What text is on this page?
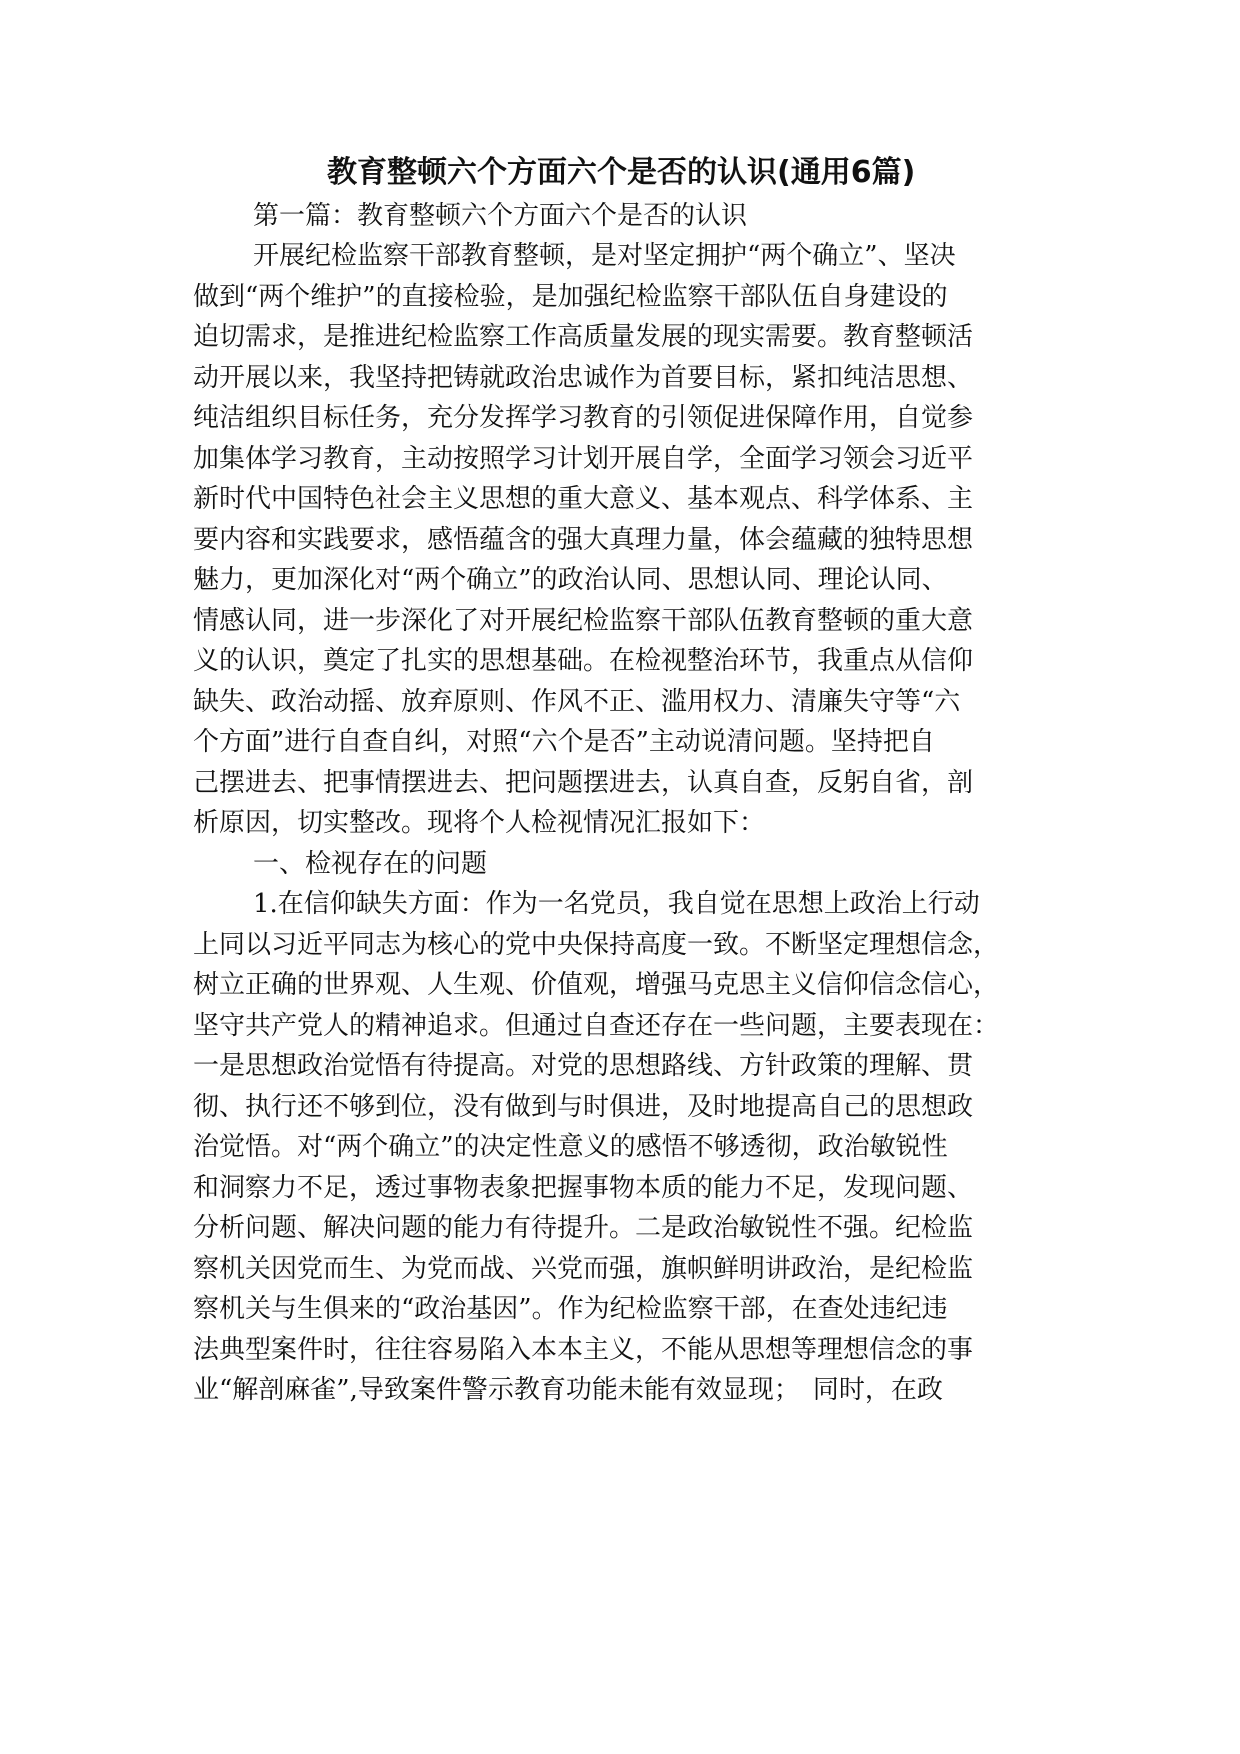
教育整顿六个方面六个是否的认识(通用6篇)

第一篇：教育整顿六个方面六个是否的认识

开展纪检监察干部教育整顿，是对坚定拥护“两个确立”、坚决

做到“两个维护”的直接检验，是加强纪检监察干部队伍自身建设的

迫切需求，是推进纪检监察工作高质量发展的现实需要。教育整顿活

动开展以来，我坚持把铸就政治忠诚作为首要目标，紧扣纯洁思想、

纯洁组织目标任务，充分发挥学习教育的引领促进保障作用，自觉参

加集体学习教育，主动按照学习计划开展自学，全面学习领会习近平

新时代中国特色社会主义思想的重大意义、基本观点、科学体系、主

要内容和实践要求，感悟蕴含的强大真理力量，体会蕴藏的独特思想

魅力，更加深化对“两个确立”的政治认同、思想认同、理论认同、

情感认同，进一步深化了对开展纪检监察干部队伍教育整顿的重大意

义的认识，奠定了扎实的思想基础。在检视整治环节，我重点从信仰

缺失、政治动摇、放弃原则、作风不正、滥用权力、清廉失守等“六

个方面”进行自查自纠，对照“六个是否”主动说清问题。坚持把自

己摆进去、把事情摆进去、把问题摆进去，认真自查，反躬自省，剖

析原因，切实整改。现将个人检视情况汇报如下：

一、检视存在的问题

1.在信仰缺失方面：作为一名党员，我自觉在思想上政治上行动

上同以习近平同志为核心的党中央保持高度一致。不断坚定理想信念，

树立正确的世界观、人生观、价值观，增强马克思主义信仰信念信心，

坚守共产党人的精神追求。但通过自查还存在一些问题，主要表现在：

一是思想政治觉悟有待提高。对党的思想路线、方针政策的理解、贯

彻、执行还不够到位，没有做到与时俱进，及时地提高自己的思想政

治觉悟。对“两个确立”的决定性意义的感悟不够透彻，政治敏锐性

和洞察力不足，透过事物表象把握事物本质的能力不足，发现问题、

分析问题、解决问题的能力有待提升。二是政治敏锐性不强。纪检监

察机关因党而生、为党而战、兴党而强，旗帜鲜明讲政治，是纪检监

察机关与生俱来的“政治基因”。作为纪检监察干部，在查处违纪违

法典型案件时，往往容易陷入本本主义，不能从思想等理想信念的事

业“解剖麻雀”,导致案件警示教育功能未能有效显现；　同时，在政
